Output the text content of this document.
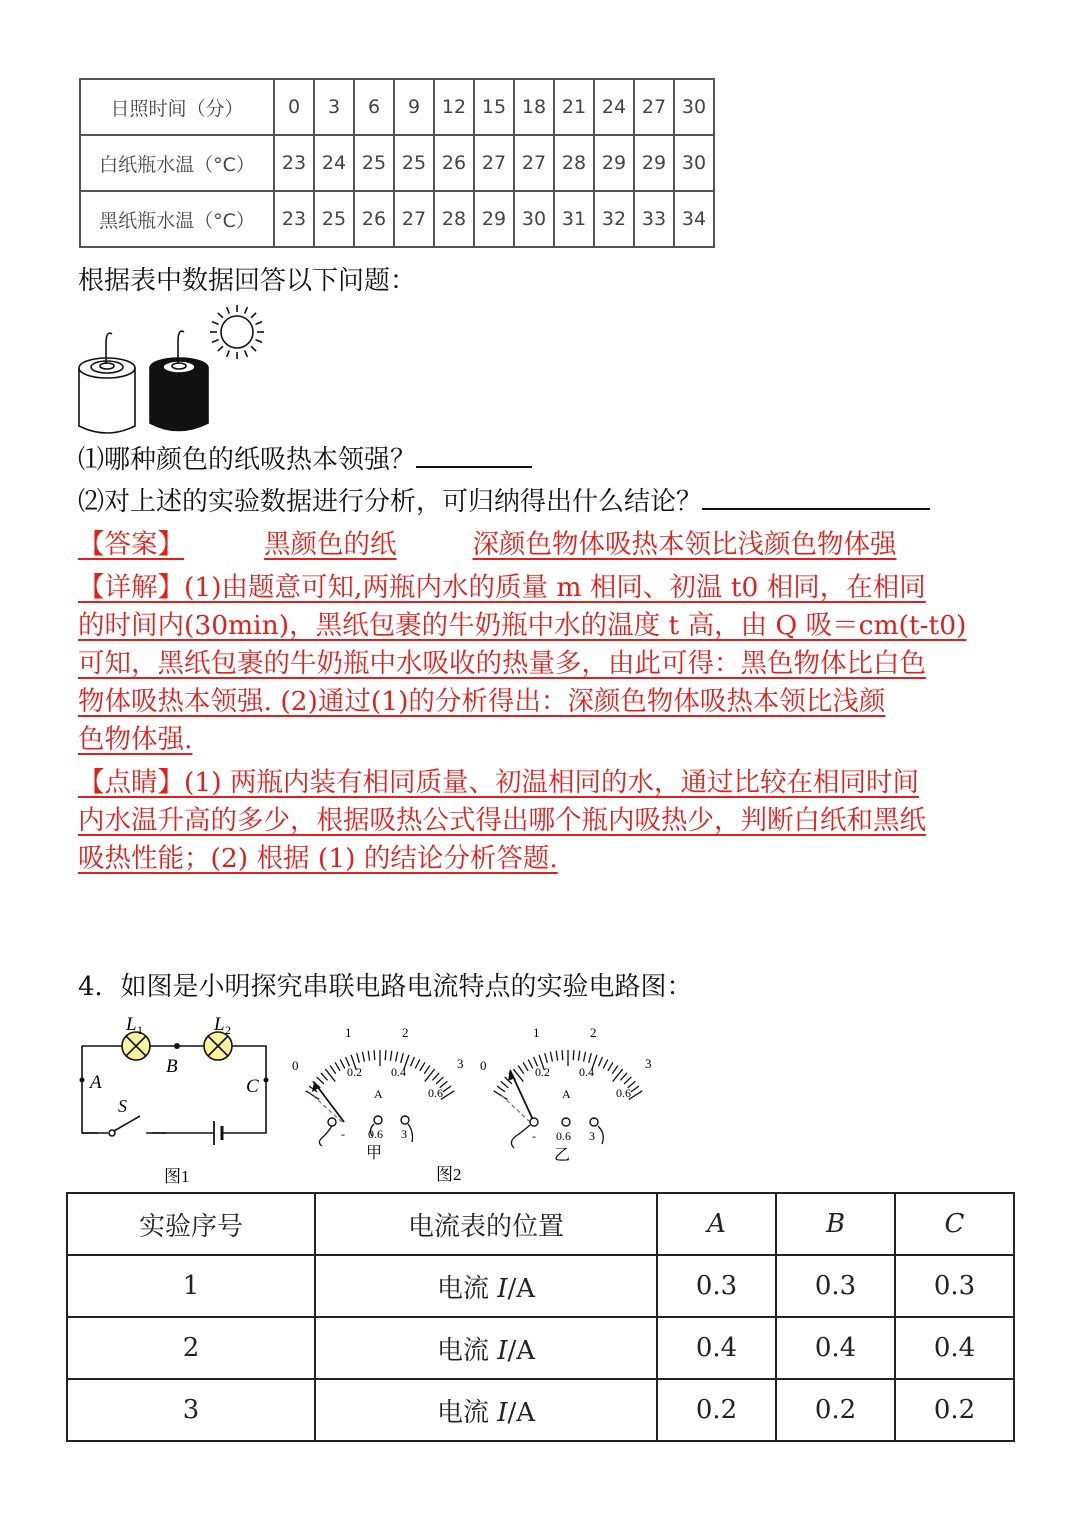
日照时间（分）	0	3	6	9	12	15	18	21	24	27	30
白纸瓶水温（°C）	23	24	25	25	26	27	27	28	29	29	30
黑纸瓶水温（°C）	23	25	26	27	28	29	30	31	32	33	34
根据表中数据回答以下问题：
⑴哪种颜色的纸吸热本领强？
⑵对上述的实验数据进行分析，可归纳得出什么结论？
【答案】	黑颜色的纸	深颜色物体吸热本领比浅颜色物体强
【详解】(1)由题意可知,两瓶内水的质量 m 相同、初温 t0 相同，在相同
的时间内(30min)，黑纸包裹的牛奶瓶中水的温度 t 高，由 Q 吸＝cm(t-t0)
可知，黑纸包裹的牛奶瓶中水吸收的热量多，由此可得：黑色物体比白色
物体吸热本领强. (2)通过(1)的分析得出：深颜色物体吸热本领比浅颜
色物体强.
【点睛】(1) 两瓶内装有相同质量、初温相同的水，通过比较在相同时间
内水温升高的多少，根据吸热公式得出哪个瓶内吸热少，判断白纸和黑纸
吸热性能；(2) 根据 (1) 的结论分析答题.
4．如图是小明探究串联电路电流特点的实验电路图：
L 1	L 2
B
A	C
S
图1
0
1	2
3
0.2 0.4
0.6
A
- 0.6 3
甲
图2
0
1	2
3
0.2 0.4
0.6
A
- 0.6 3
乙
实验序号	电流表的位置	A	B	C
1	电流 I/A	0.3	0.3	0.3
2	电流 I/A	0.4	0.4	0.4
3	电流 I/A	0.2	0.2	0.2
